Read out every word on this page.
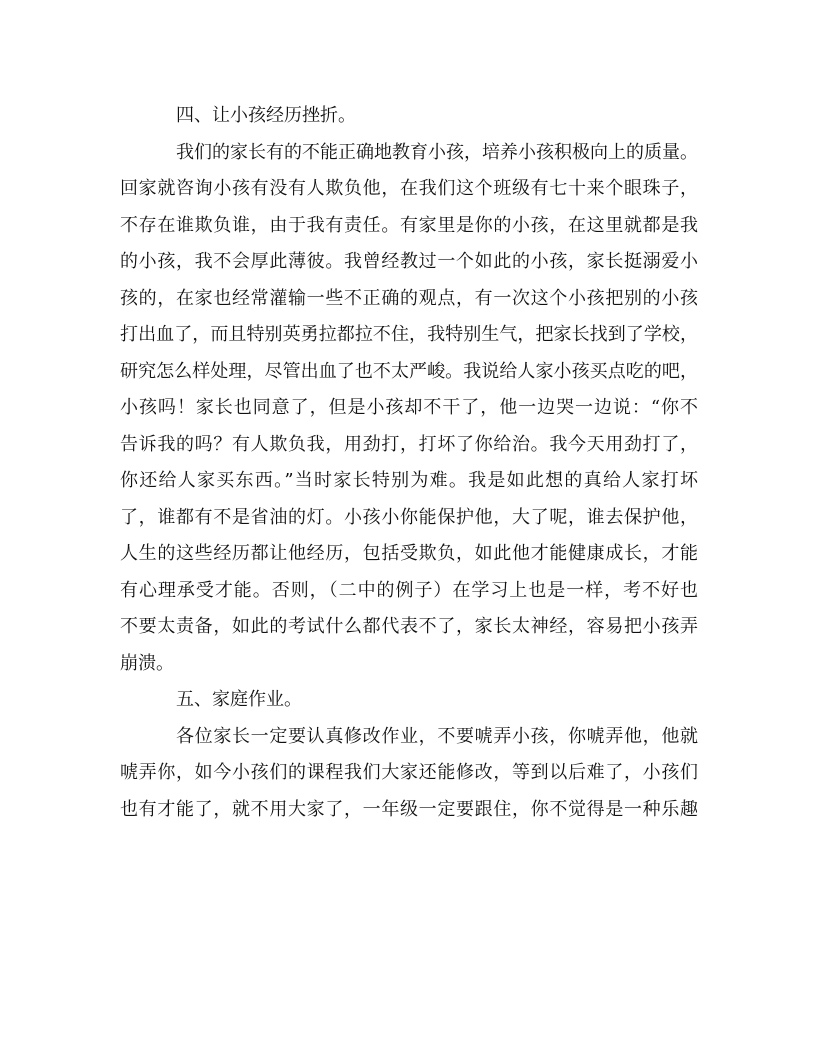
四、让小孩经历挫折。
我们的家长有的不能正确地教育小孩，培养小孩积极向上的质量。
回家就咨询小孩有没有人欺负他，在我们这个班级有七十来个眼珠子，
不存在谁欺负谁，由于我有责任。有家里是你的小孩，在这里就都是我
的小孩，我不会厚此薄彼。我曾经教过一个如此的小孩，家长挺溺爱小
孩的，在家也经常灌输一些不正确的观点，有一次这个小孩把别的小孩
打出血了，而且特别英勇拉都拉不住，我特别生气，把家长找到了学校，
研究怎么样处理，尽管出血了也不太严峻。我说给人家小孩买点吃的吧，
小孩吗！家长也同意了，但是小孩却不干了，他一边哭一边说：“你不
告诉我的吗？有人欺负我，用劲打，打坏了你给治。我今天用劲打了，
你还给人家买东西。”当时家长特别为难。我是如此想的真给人家打坏
了，谁都有不是省油的灯。小孩小你能保护他，大了呢，谁去保护他，
人生的这些经历都让他经历，包括受欺负，如此他才能健康成长，才能
有心理承受才能。否则，（二中的例子）在学习上也是一样，考不好也
不要太责备，如此的考试什么都代表不了，家长太神经，容易把小孩弄
崩溃。
五、家庭作业。
各位家长一定要认真修改作业，不要唬弄小孩，你唬弄他，他就
唬弄你，如今小孩们的课程我们大家还能修改，等到以后难了，小孩们
也有才能了，就不用大家了，一年级一定要跟住，你不觉得是一种乐趣
